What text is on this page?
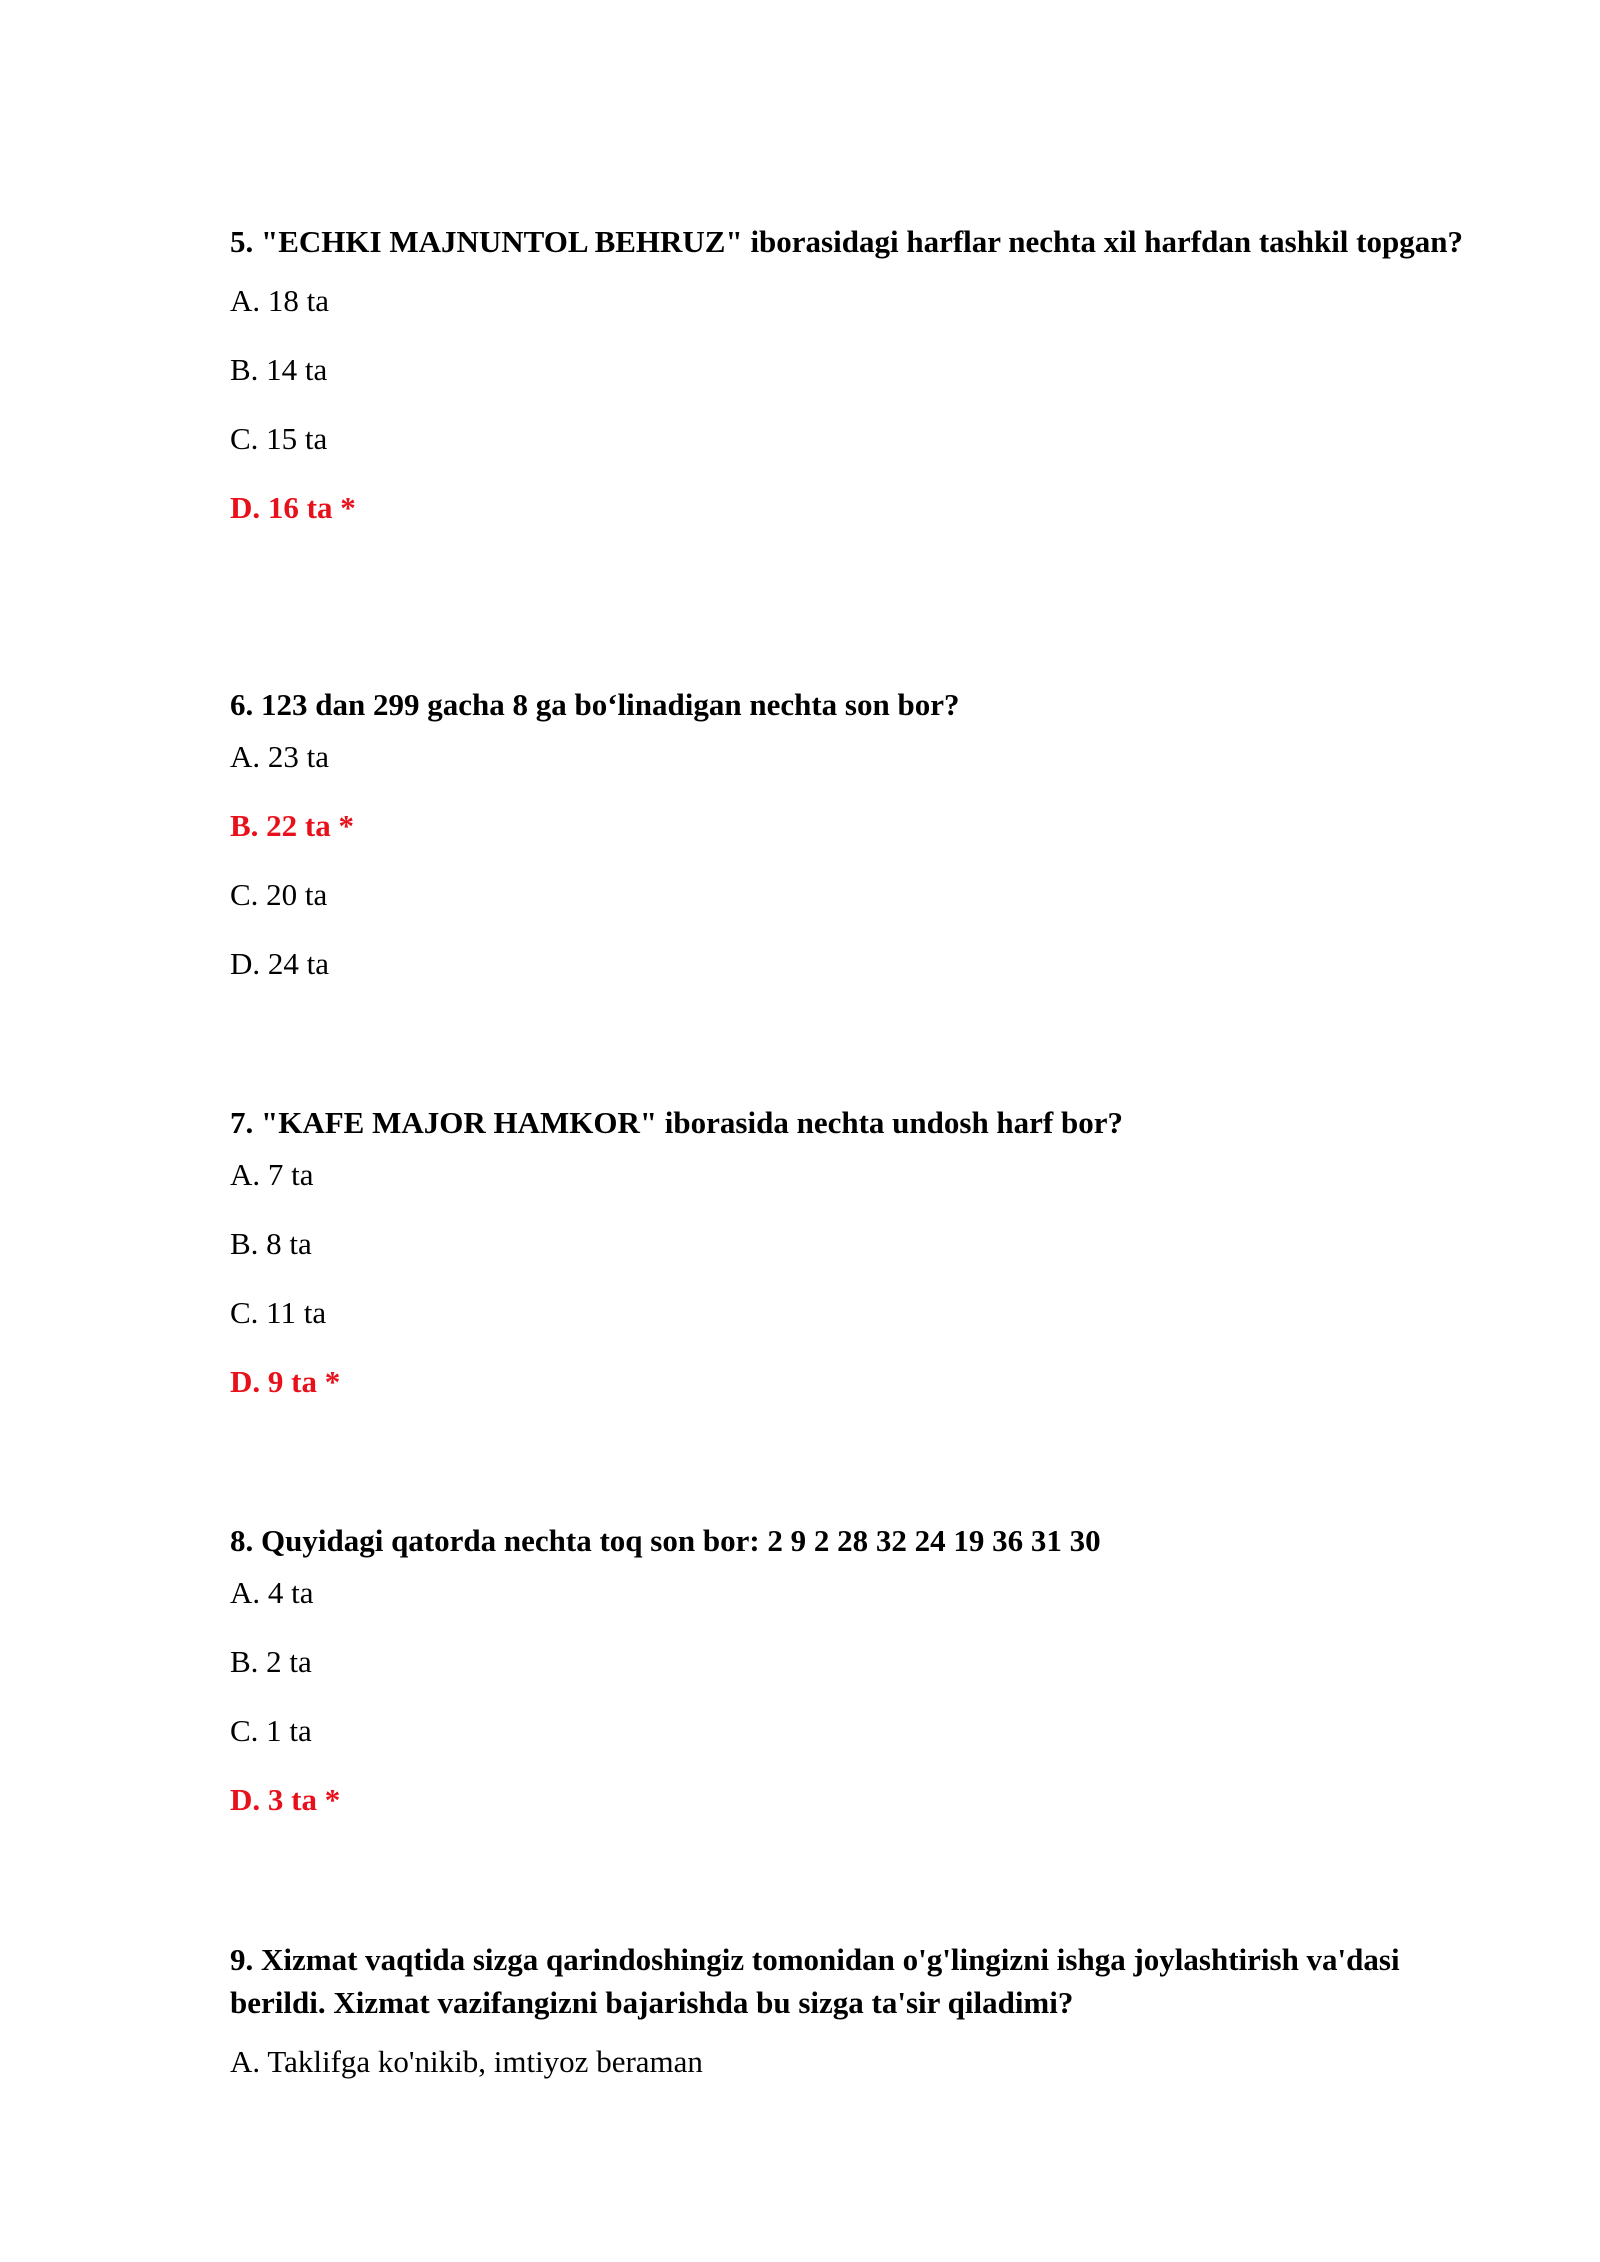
5. "ECHKI MAJNUNTOL BEHRUZ" iborasidagi harflar nechta xil harfdan tashkil topgan?

A. 18 ta

B. 14 ta

C. 15 ta

D. 16 ta *

6. 123 dan 299 gacha 8 ga bo‘linadigan nechta son bor?

A. 23 ta

B. 22 ta *

C. 20 ta

D. 24 ta

7. "KAFE MAJOR HAMKOR" iborasida nechta undosh harf bor?

A. 7 ta

B. 8 ta

C. 11 ta

D. 9 ta *

8. Quyidagi qatorda nechta toq son bor: 2 9 2 28 32 24 19 36 31 30

A. 4 ta

B. 2 ta

C. 1 ta

D. 3 ta *

9. Xizmat vaqtida sizga qarindoshingiz tomonidan o'g'lingizni ishga joylashtirish va'dasi berildi. Xizmat vazifangizni bajarishda bu sizga ta'sir qiladimi?

A. Taklifga ko'nikib, imtiyoz beraman
